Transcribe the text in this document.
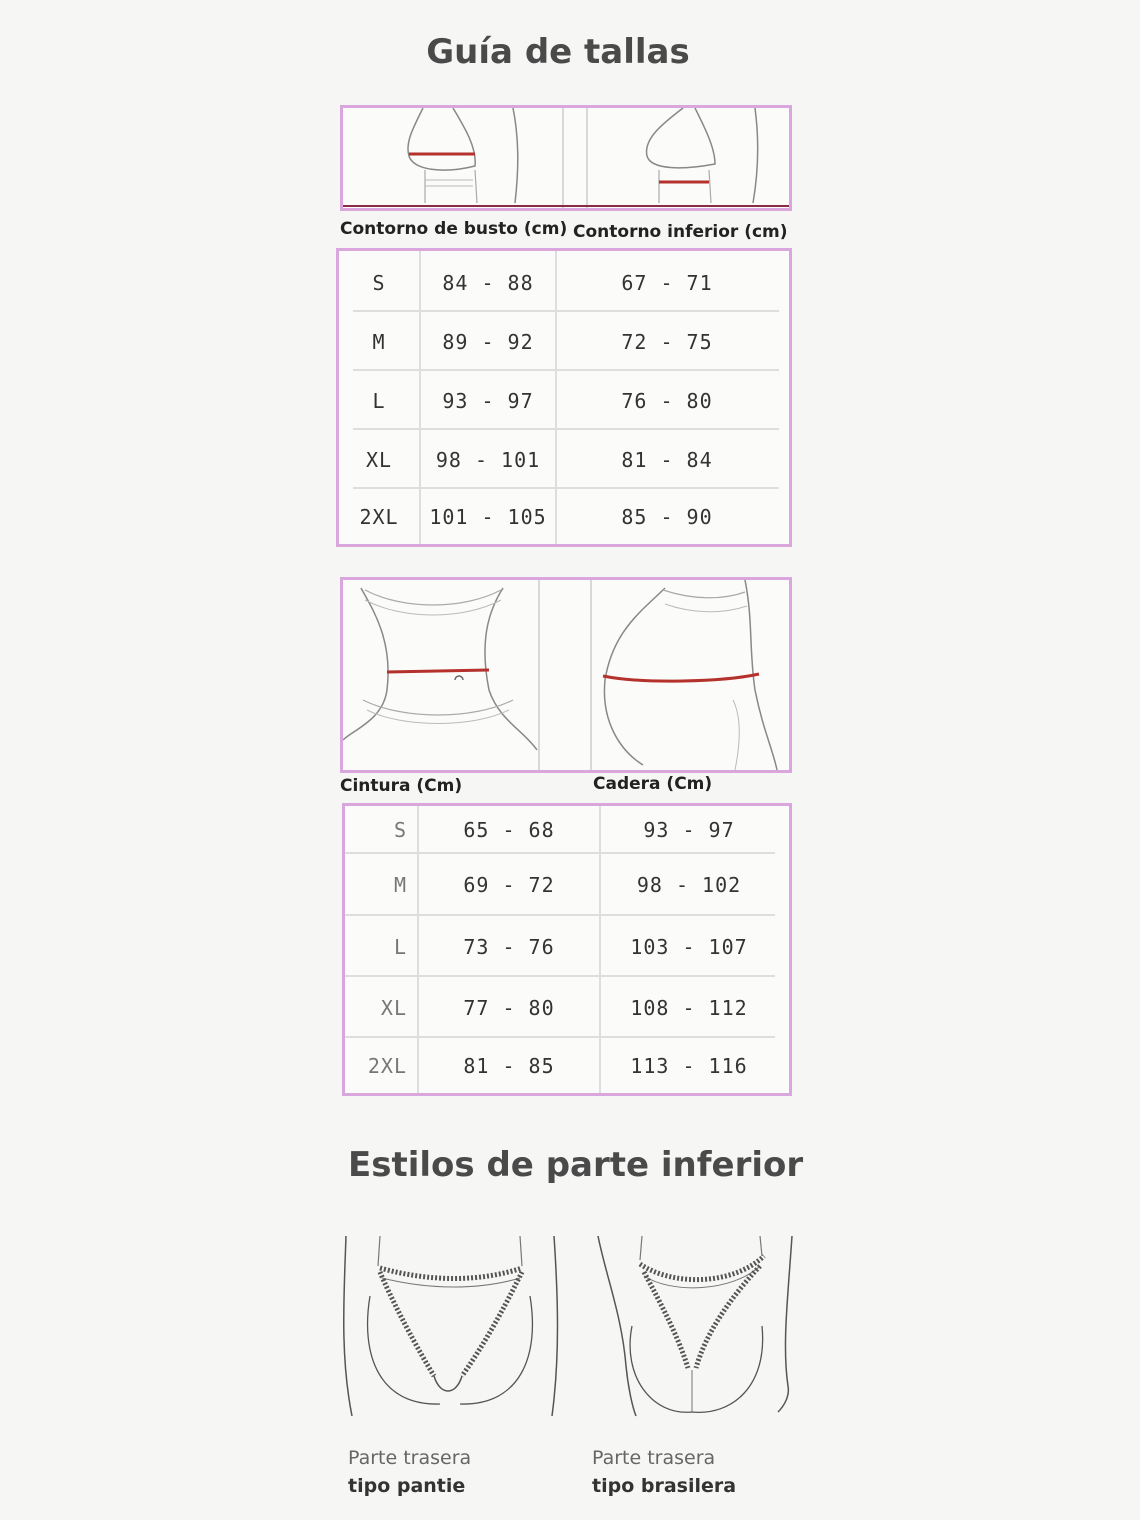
Guía de tallas
Contorno de busto (cm) Contorno inferior (cm)
S	84 - 88	67 - 71
M	89 - 92	72 - 75
L	93 - 97	76 - 80
XL	98 - 101	81 - 84
2XL	101 - 105	85 - 90
Cintura (Cm)	Cadera (Cm)
S	65 - 68	93 - 97
M	69 - 72	98 - 102
L	73 - 76	103 - 107
XL	77 - 80	108 - 112
2XL	81 - 85	113 - 116
Estilos de parte inferior
Parte trasera
tipo pantie
Parte trasera
tipo brasilera
